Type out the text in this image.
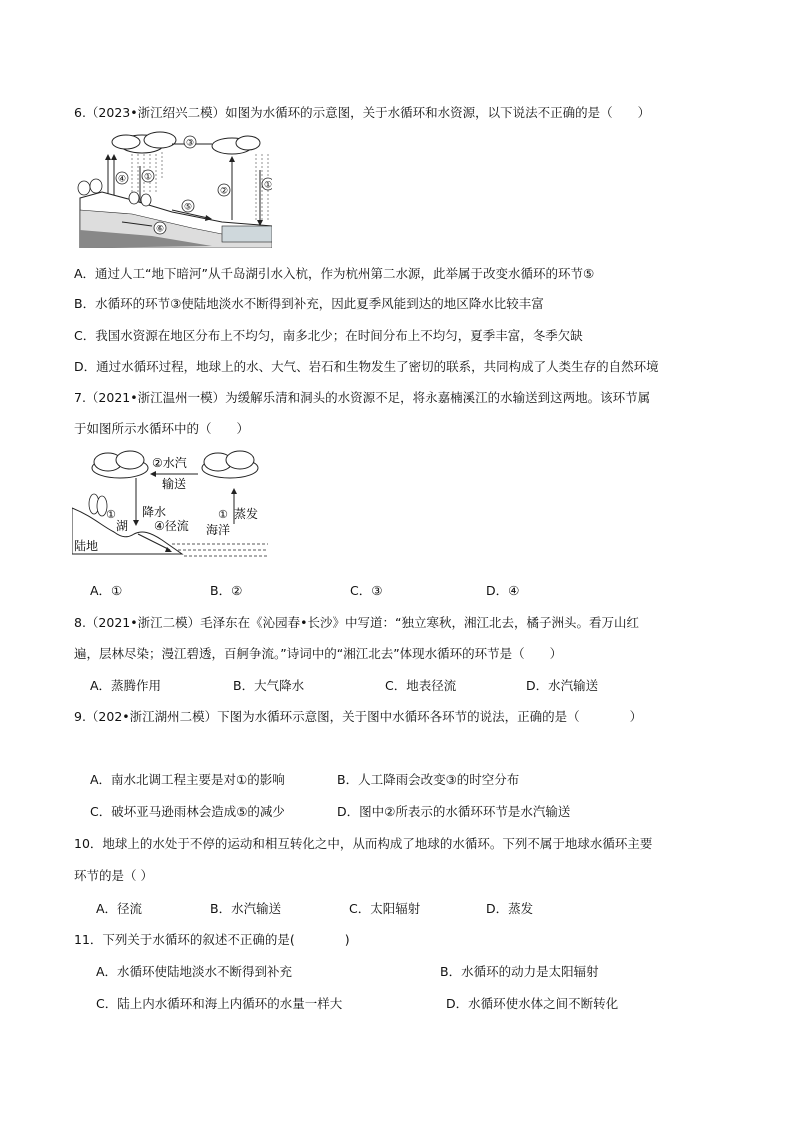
6.（2023•浙江绍兴二模）如图为水循环的示意图，关于水循环和水资源，以下说法不正确的是（　　）
③
④ ①
②
①
⑤
⑥
A．通过人工“地下暗河”从千岛湖引水入杭，作为杭州第二水源，此举属于改变水循环的环节⑤
B．水循环的环节③使陆地淡水不断得到补充，因此夏季风能到达的地区降水比较丰富
C．我国水资源在地区分布上不均匀，南多北少；在时间分布上不均匀，夏季丰富，冬季欠缺
D．通过水循环过程，地球上的水、大气、岩石和生物发生了密切的联系，共同构成了人类生存的自然环境
7.（2021•浙江温州一模）为缓解乐清和洞头的水资源不足，将永嘉楠溪江的水输送到这两地。该环节属
于如图所示水循环中的（　　）
②水汽
输送
降水	① 蒸发
湖
①
④径流 海洋
陆地
A．①	B．②	C．③	D．④
8.（2021•浙江二模）毛泽东在《沁园春•长沙》中写道：“独立寒秋，湘江北去，橘子洲头。看万山红
遍，层林尽染；漫江碧透，百舸争流。”诗词中的“湘江北去”体现水循环的环节是（　　）
A．蒸腾作用	B．大气降水	C．地表径流	D．水汽输送
9.（202•浙江湖州二模）下图为水循环示意图，关于图中水循环各环节的说法，正确的是（　　　　）
A．南水北调工程主要是对①的影响	B．人工降雨会改变③的时空分布
C．破坏亚马逊雨林会造成⑤的减少	D．图中②所表示的水循环环节是水汽输送
10．地球上的水处于不停的运动和相互转化之中，从而构成了地球的水循环。下列不属于地球水循环主要
环节的是（ ）
A．径流	B．水汽输送	C．太阳辐射	D．蒸发
11．下列关于水循环的叙述不正确的是(　　　　)
A．水循环使陆地淡水不断得到补充	B．水循环的动力是太阳辐射
C．陆上内水循环和海上内循环的水量一样大	D．水循环使水体之间不断转化
